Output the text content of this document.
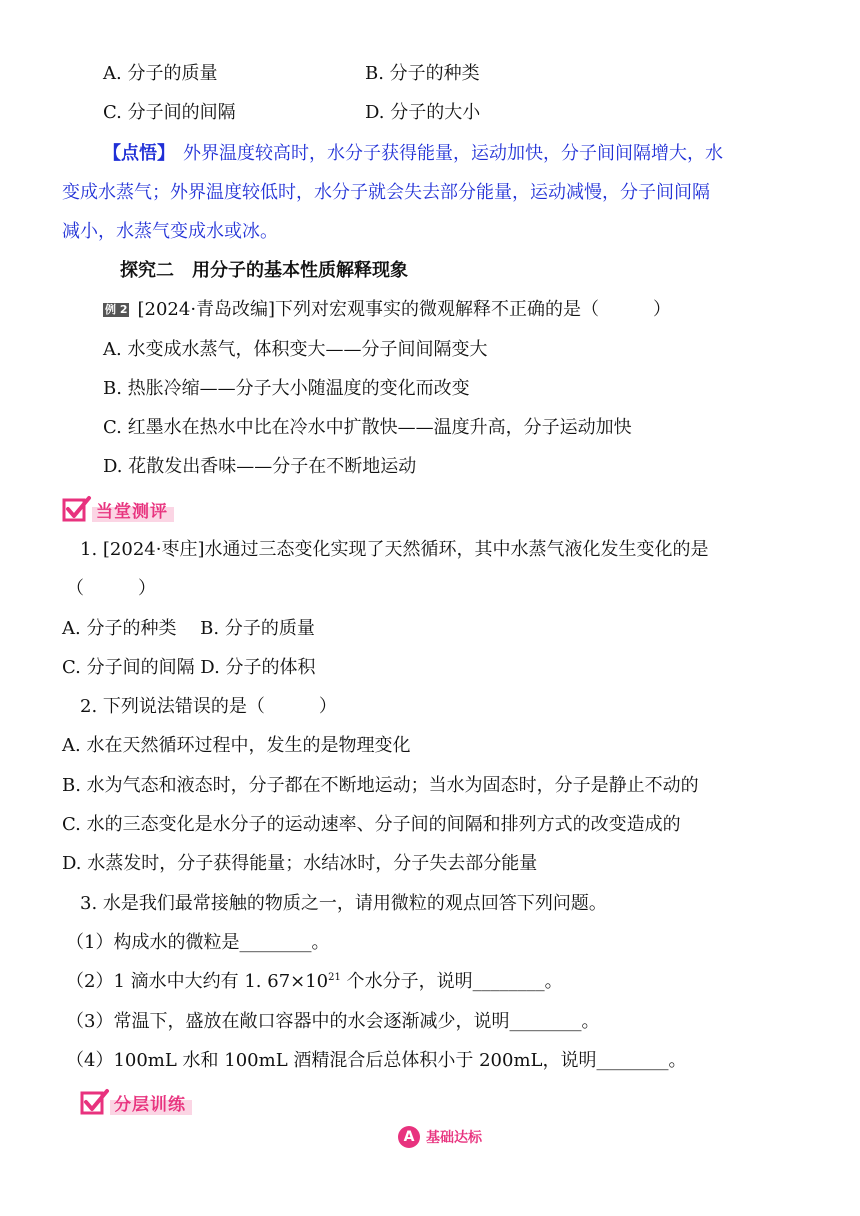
A. 分子的质量	B. 分子的种类
C. 分子间的间隔	D. 分子的大小
【点悟】 外界温度较高时，水分子获得能量，运动加快，分子间间隔增大，水
变成水蒸气；外界温度较低时，水分子就会失去部分能量，运动减慢，分子间间隔
减小，水蒸气变成水或冰。
探究二　用分子的基本性质解释现象
例 2 [2024·青岛改编]下列对宏观事实的微观解释不正确的是（　　　）
A. 水变成水蒸气，体积变大——分子间间隔变大
B. 热胀冷缩——分子大小随温度的变化而改变
C. 红墨水在热水中比在冷水中扩散快——温度升高，分子运动加快
D. 花散发出香味——分子在不断地运动
当堂测评
1. [2024·枣庄]水通过三态变化实现了天然循环，其中水蒸气液化发生变化的是
（　　　）
A. 分子的种类　 B. 分子的质量
C. 分子间的间隔 D. 分子的体积
2. 下列说法错误的是（　　　）
A. 水在天然循环过程中，发生的是物理变化
B. 水为气态和液态时，分子都在不断地运动；当水为固态时，分子是静止不动的
C. 水的三态变化是水分子的运动速率、分子间的间隔和排列方式的改变造成的
D. 水蒸发时，分子获得能量；水结冰时，分子失去部分能量
3. 水是我们最常接触的物质之一，请用微粒的观点回答下列问题。
（1）构成水的微粒是________。
（2）1 滴水中大约有 1. $67\times 10^{21}$ 个水分子，说明________。
（3）常温下，盛放在敞口容器中的水会逐渐减少，说明________。
（4）100mL 水和 100mL 酒精混合后总体积小于 200mL，说明________。
分层训练
A 基础达标
